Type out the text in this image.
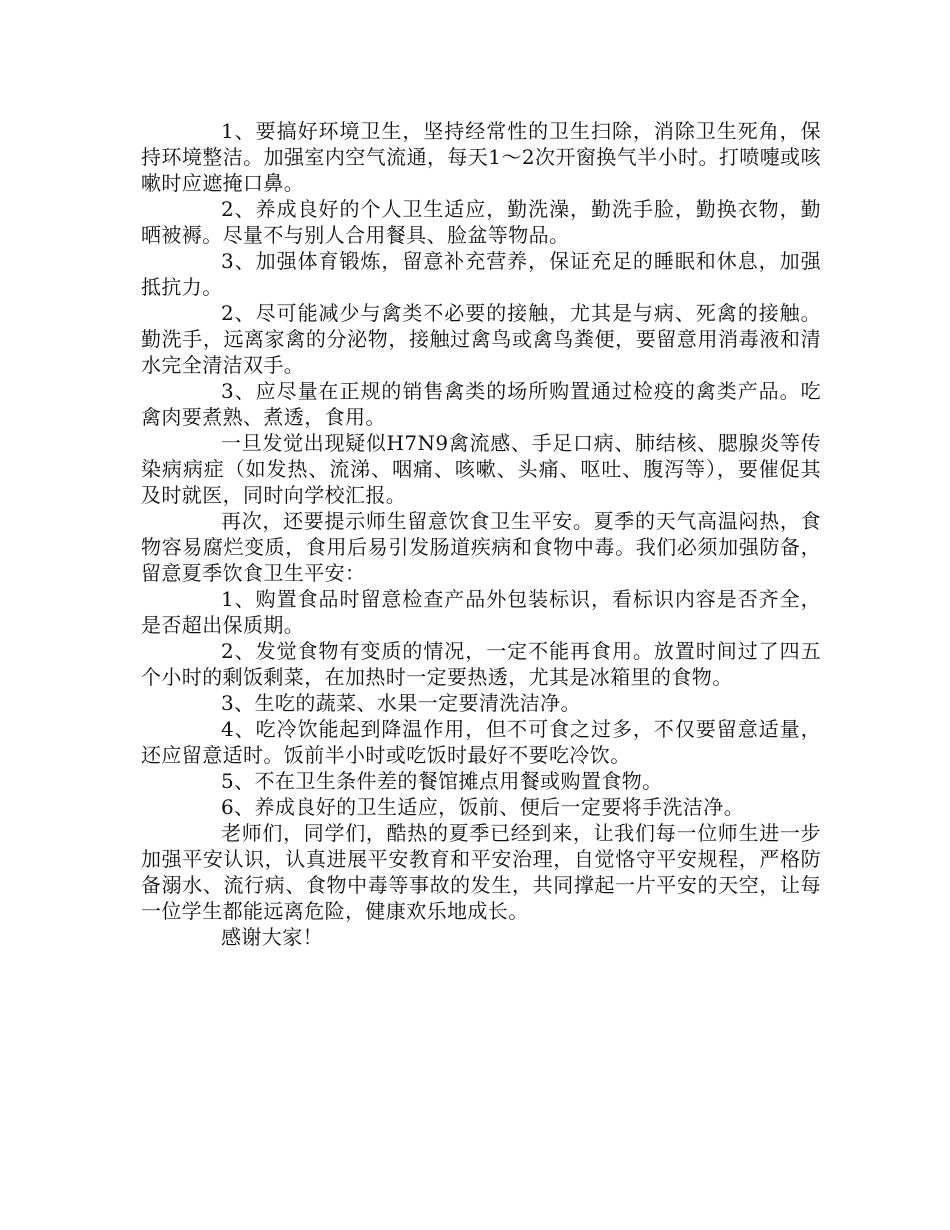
1、要搞好环境卫生，坚持经常性的卫生扫除，消除卫生死角，保持环境整洁。加强室内空气流通，每天1～2次开窗换气半小时。打喷嚏或咳嗽时应遮掩口鼻。

2、养成良好的个人卫生适应，勤洗澡，勤洗手脸，勤换衣物，勤晒被褥。尽量不与别人合用餐具、脸盆等物品。

3、加强体育锻炼，留意补充营养，保证充足的睡眠和休息，加强抵抗力。

2、尽可能减少与禽类不必要的接触，尤其是与病、死禽的接触。勤洗手，远离家禽的分泌物，接触过禽鸟或禽鸟粪便，要留意用消毒液和清水完全清洁双手。

3、应尽量在正规的销售禽类的场所购置通过检疫的禽类产品。吃禽肉要煮熟、煮透，食用。

一旦发觉出现疑似H7N9禽流感、手足口病、肺结核、腮腺炎等传染病病症（如发热、流涕、咽痛、咳嗽、头痛、呕吐、腹泻等），要催促其及时就医，同时向学校汇报。

再次，还要提示师生留意饮食卫生平安。夏季的天气高温闷热，食物容易腐烂变质，食用后易引发肠道疾病和食物中毒。我们必须加强防备，留意夏季饮食卫生平安：

1、购置食品时留意检查产品外包装标识，看标识内容是否齐全，是否超出保质期。

2、发觉食物有变质的情况，一定不能再食用。放置时间过了四五个小时的剩饭剩菜，在加热时一定要热透，尤其是冰箱里的食物。

3、生吃的蔬菜、水果一定要清洗洁净。

4、吃冷饮能起到降温作用，但不可食之过多，不仅要留意适量，还应留意适时。饭前半小时或吃饭时最好不要吃冷饮。

5、不在卫生条件差的餐馆摊点用餐或购置食物。

6、养成良好的卫生适应，饭前、便后一定要将手洗洁净。

老师们，同学们，酷热的夏季已经到来，让我们每一位师生进一步加强平安认识，认真进展平安教育和平安治理，自觉恪守平安规程，严格防备溺水、流行病、食物中毒等事故的发生，共同撑起一片平安的天空，让每一位学生都能远离危险，健康欢乐地成长。

感谢大家！
